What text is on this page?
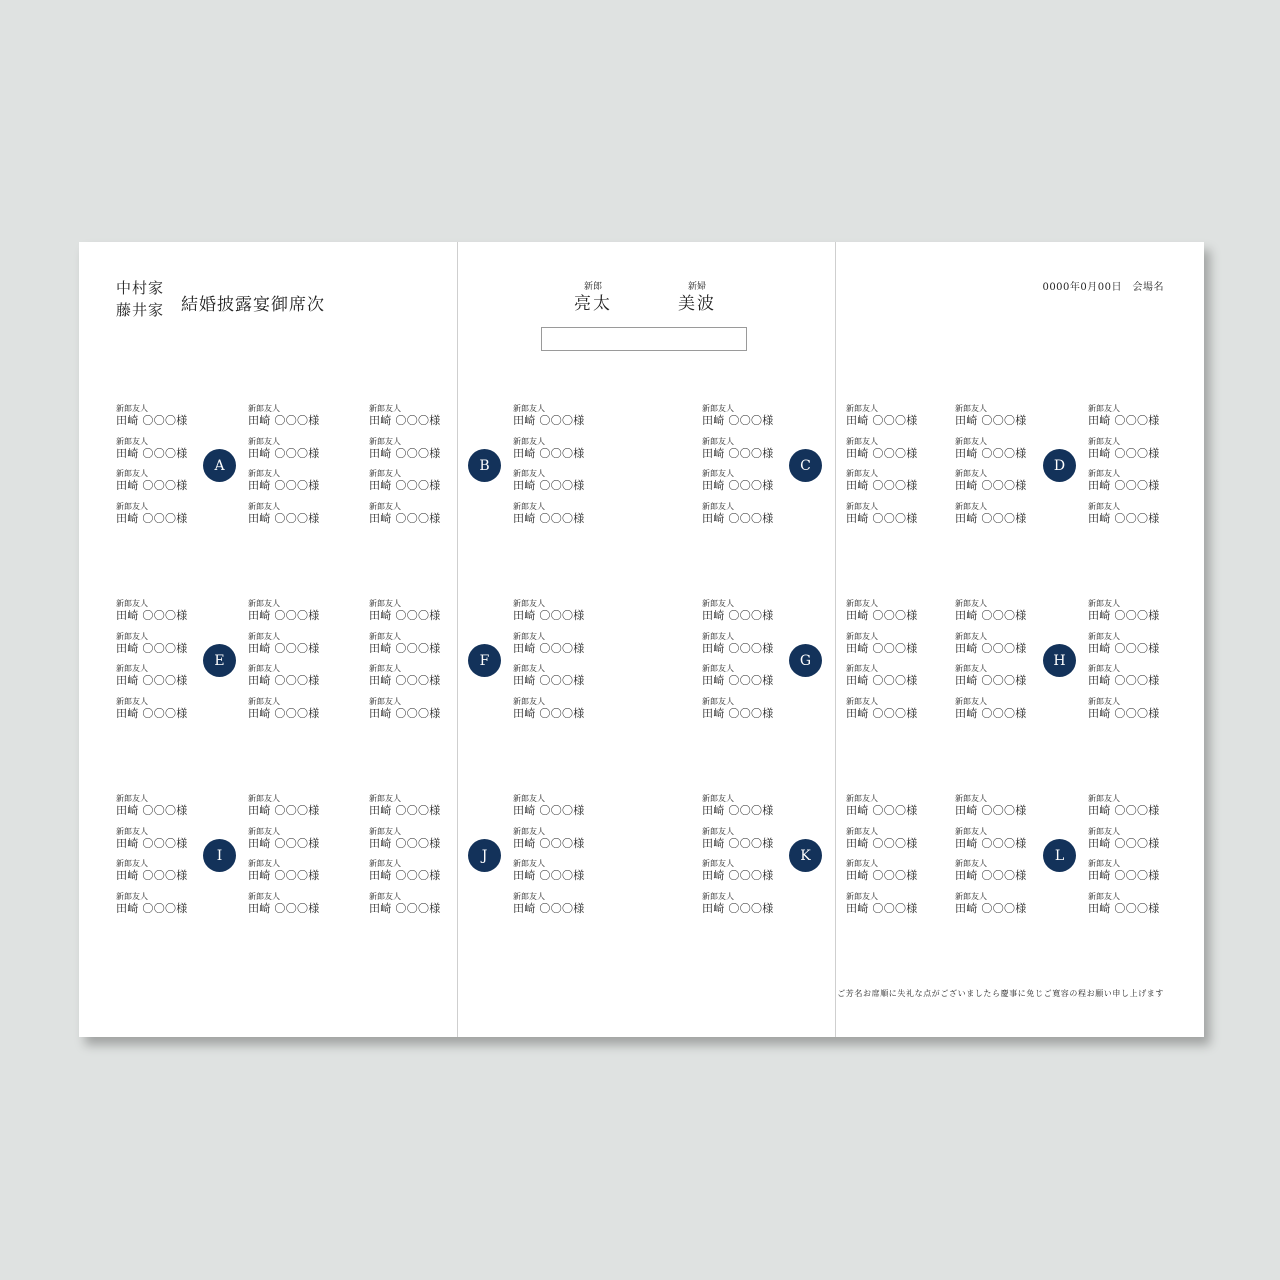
中村家
藤井家 結婚披露宴御席次
新郎
亮太
新婦
美波
0000年0月00日　会場名
新郎友人
田崎 〇〇〇様
新郎友人
田崎 〇〇〇様
新郎友人
田崎 〇〇〇様
新郎友人
田崎 〇〇〇様
新郎友人
田崎 〇〇〇様
新郎友人
田崎 〇〇〇様
新郎友人
田崎 〇〇〇様
新郎友人
田崎 〇〇〇様
新郎友人
田崎 〇〇〇様
新郎友人
田崎 〇〇〇様
新郎友人
田崎 〇〇〇様
新郎友人
田崎 〇〇〇様
新郎友人
田崎 〇〇〇様
新郎友人
田崎 〇〇〇様
新郎友人
田崎 〇〇〇様
新郎友人
田崎 〇〇〇様
新郎友人
田崎 〇〇〇様
新郎友人
田崎 〇〇〇様
新郎友人
田崎 〇〇〇様
新郎友人
田崎 〇〇〇様
新郎友人
田崎 〇〇〇様
新郎友人
田崎 〇〇〇様
新郎友人
田崎 〇〇〇様
新郎友人
田崎 〇〇〇様
新郎友人
田崎 〇〇〇様
新郎友人
田崎 〇〇〇様
新郎友人
田崎 〇〇〇様
新郎友人
田崎 〇〇〇様
新郎友人
田崎 〇〇〇様
新郎友人
田崎 〇〇〇様
新郎友人
田崎 〇〇〇様
新郎友人
田崎 〇〇〇様
A	B	C	D
新郎友人
田崎 〇〇〇様
新郎友人
田崎 〇〇〇様
新郎友人
田崎 〇〇〇様
新郎友人
田崎 〇〇〇様
新郎友人
田崎 〇〇〇様
新郎友人
田崎 〇〇〇様
新郎友人
田崎 〇〇〇様
新郎友人
田崎 〇〇〇様
新郎友人
田崎 〇〇〇様
新郎友人
田崎 〇〇〇様
新郎友人
田崎 〇〇〇様
新郎友人
田崎 〇〇〇様
新郎友人
田崎 〇〇〇様
新郎友人
田崎 〇〇〇様
新郎友人
田崎 〇〇〇様
新郎友人
田崎 〇〇〇様
新郎友人
田崎 〇〇〇様
新郎友人
田崎 〇〇〇様
新郎友人
田崎 〇〇〇様
新郎友人
田崎 〇〇〇様
新郎友人
田崎 〇〇〇様
新郎友人
田崎 〇〇〇様
新郎友人
田崎 〇〇〇様
新郎友人
田崎 〇〇〇様
新郎友人
田崎 〇〇〇様
新郎友人
田崎 〇〇〇様
新郎友人
田崎 〇〇〇様
新郎友人
田崎 〇〇〇様
新郎友人
田崎 〇〇〇様
新郎友人
田崎 〇〇〇様
新郎友人
田崎 〇〇〇様
新郎友人
田崎 〇〇〇様
E	F	G	H
新郎友人
田崎 〇〇〇様
新郎友人
田崎 〇〇〇様
新郎友人
田崎 〇〇〇様
新郎友人
田崎 〇〇〇様
新郎友人
田崎 〇〇〇様
新郎友人
田崎 〇〇〇様
新郎友人
田崎 〇〇〇様
新郎友人
田崎 〇〇〇様
新郎友人
田崎 〇〇〇様
新郎友人
田崎 〇〇〇様
新郎友人
田崎 〇〇〇様
新郎友人
田崎 〇〇〇様
新郎友人
田崎 〇〇〇様
新郎友人
田崎 〇〇〇様
新郎友人
田崎 〇〇〇様
新郎友人
田崎 〇〇〇様
新郎友人
田崎 〇〇〇様
新郎友人
田崎 〇〇〇様
新郎友人
田崎 〇〇〇様
新郎友人
田崎 〇〇〇様
新郎友人
田崎 〇〇〇様
新郎友人
田崎 〇〇〇様
新郎友人
田崎 〇〇〇様
新郎友人
田崎 〇〇〇様
新郎友人
田崎 〇〇〇様
新郎友人
田崎 〇〇〇様
新郎友人
田崎 〇〇〇様
新郎友人
田崎 〇〇〇様
新郎友人
田崎 〇〇〇様
新郎友人
田崎 〇〇〇様
新郎友人
田崎 〇〇〇様
新郎友人
田崎 〇〇〇様
I	J	K	L
ご芳名お席順に失礼な点がございましたら慶事に免じご寛容の程お願い申し上げます
